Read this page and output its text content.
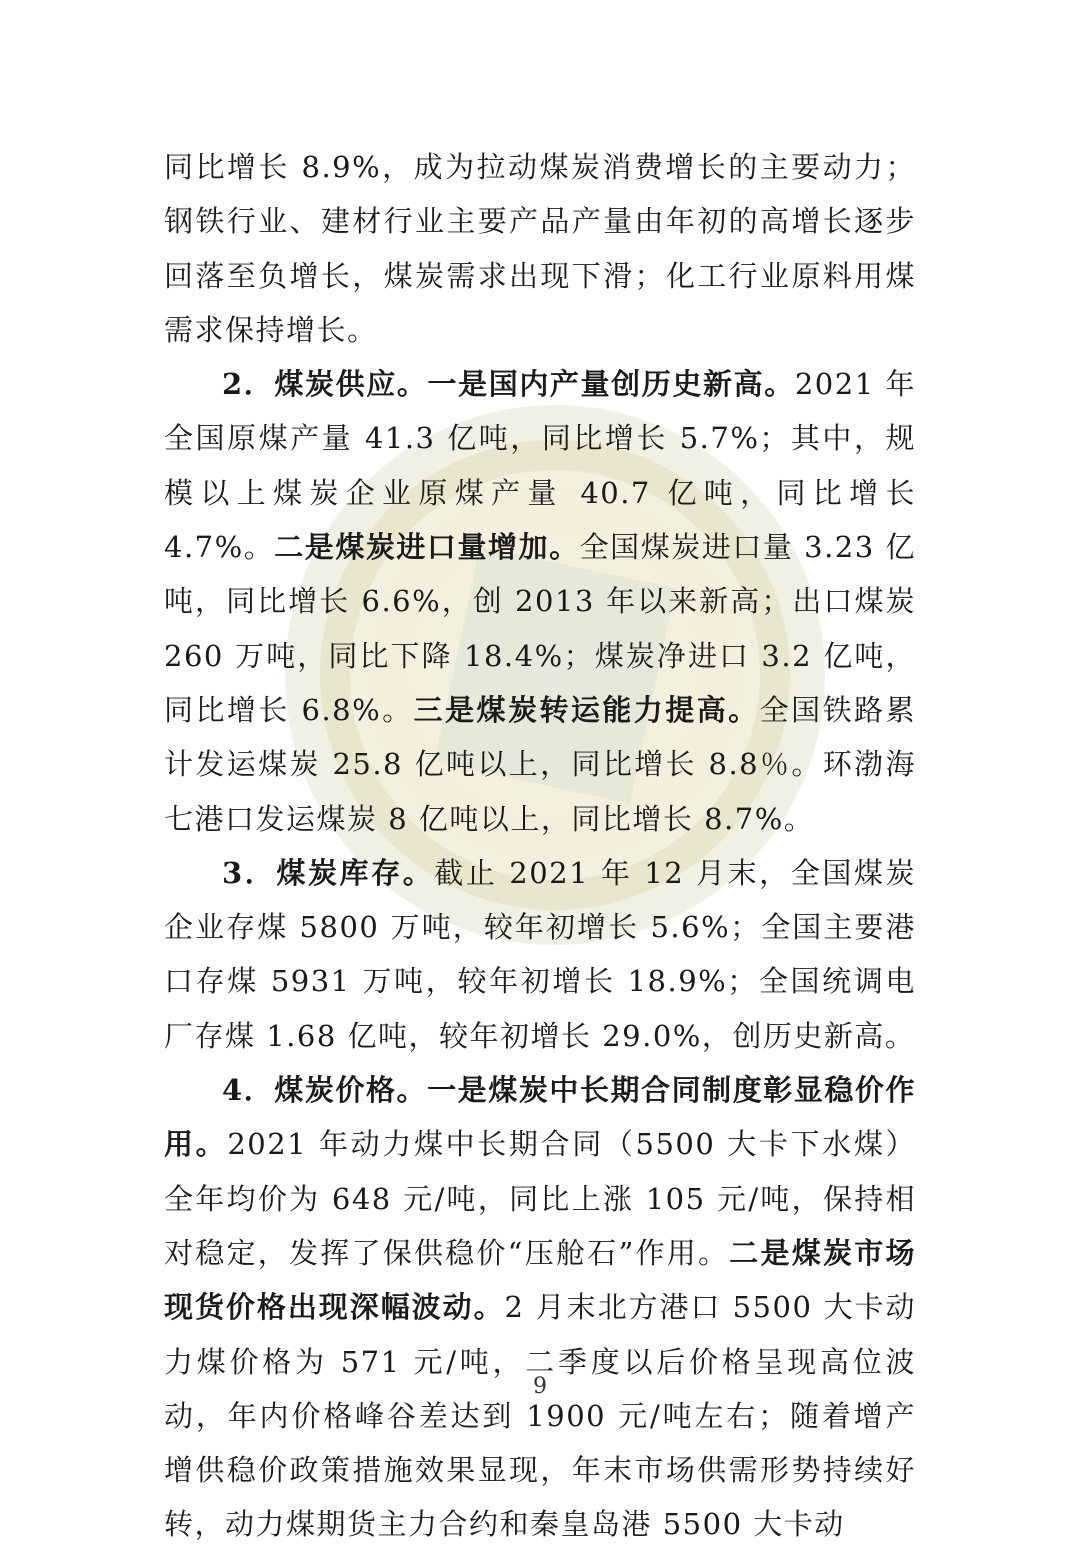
同比增长 8.9%，成为拉动煤炭消费增长的主要动力；钢铁行业、建材行业主要产品产量由年初的高增长逐步回落至负增长，煤炭需求出现下滑；化工行业原料用煤需求保持增长。

2．煤炭供应。一是国内产量创历史新高。2021 年全国原煤产量 41.3 亿吨，同比增长 5.7%；其中，规模以上煤炭企业原煤产量 40.7 亿吨，同比增长 4.7%。二是煤炭进口量增加。全国煤炭进口量 3.23 亿吨，同比增长 6.6%，创 2013 年以来新高；出口煤炭 260 万吨，同比下降 18.4%；煤炭净进口 3.2 亿吨，同比增长 6.8%。三是煤炭转运能力提高。全国铁路累计发运煤炭 25.8 亿吨以上，同比增长 8.8％。环渤海七港口发运煤炭 8 亿吨以上，同比增长 8.7%。

3．煤炭库存。截止 2021 年 12 月末，全国煤炭企业存煤 5800 万吨，较年初增长 5.6%；全国主要港口存煤 5931 万吨，较年初增长 18.9%；全国统调电厂存煤 1.68 亿吨，较年初增长 29.0%，创历史新高。

4．煤炭价格。一是煤炭中长期合同制度彰显稳价作用。2021 年动力煤中长期合同（5500 大卡下水煤）全年均价为 648 元/吨，同比上涨 105 元/吨，保持相对稳定，发挥了保供稳价“压舱石”作用。二是煤炭市场现货价格出现深幅波动。2 月末北方港口 5500 大卡动力煤价格为 571 元/吨，二季度以后价格呈现高位波动，年内价格峰谷差达到 1900 元/吨左右；随着增产增供稳价政策措施效果显现，年末市场供需形势持续好转，动力煤期货主力合约和秦皇岛港 5500 大卡动

9
